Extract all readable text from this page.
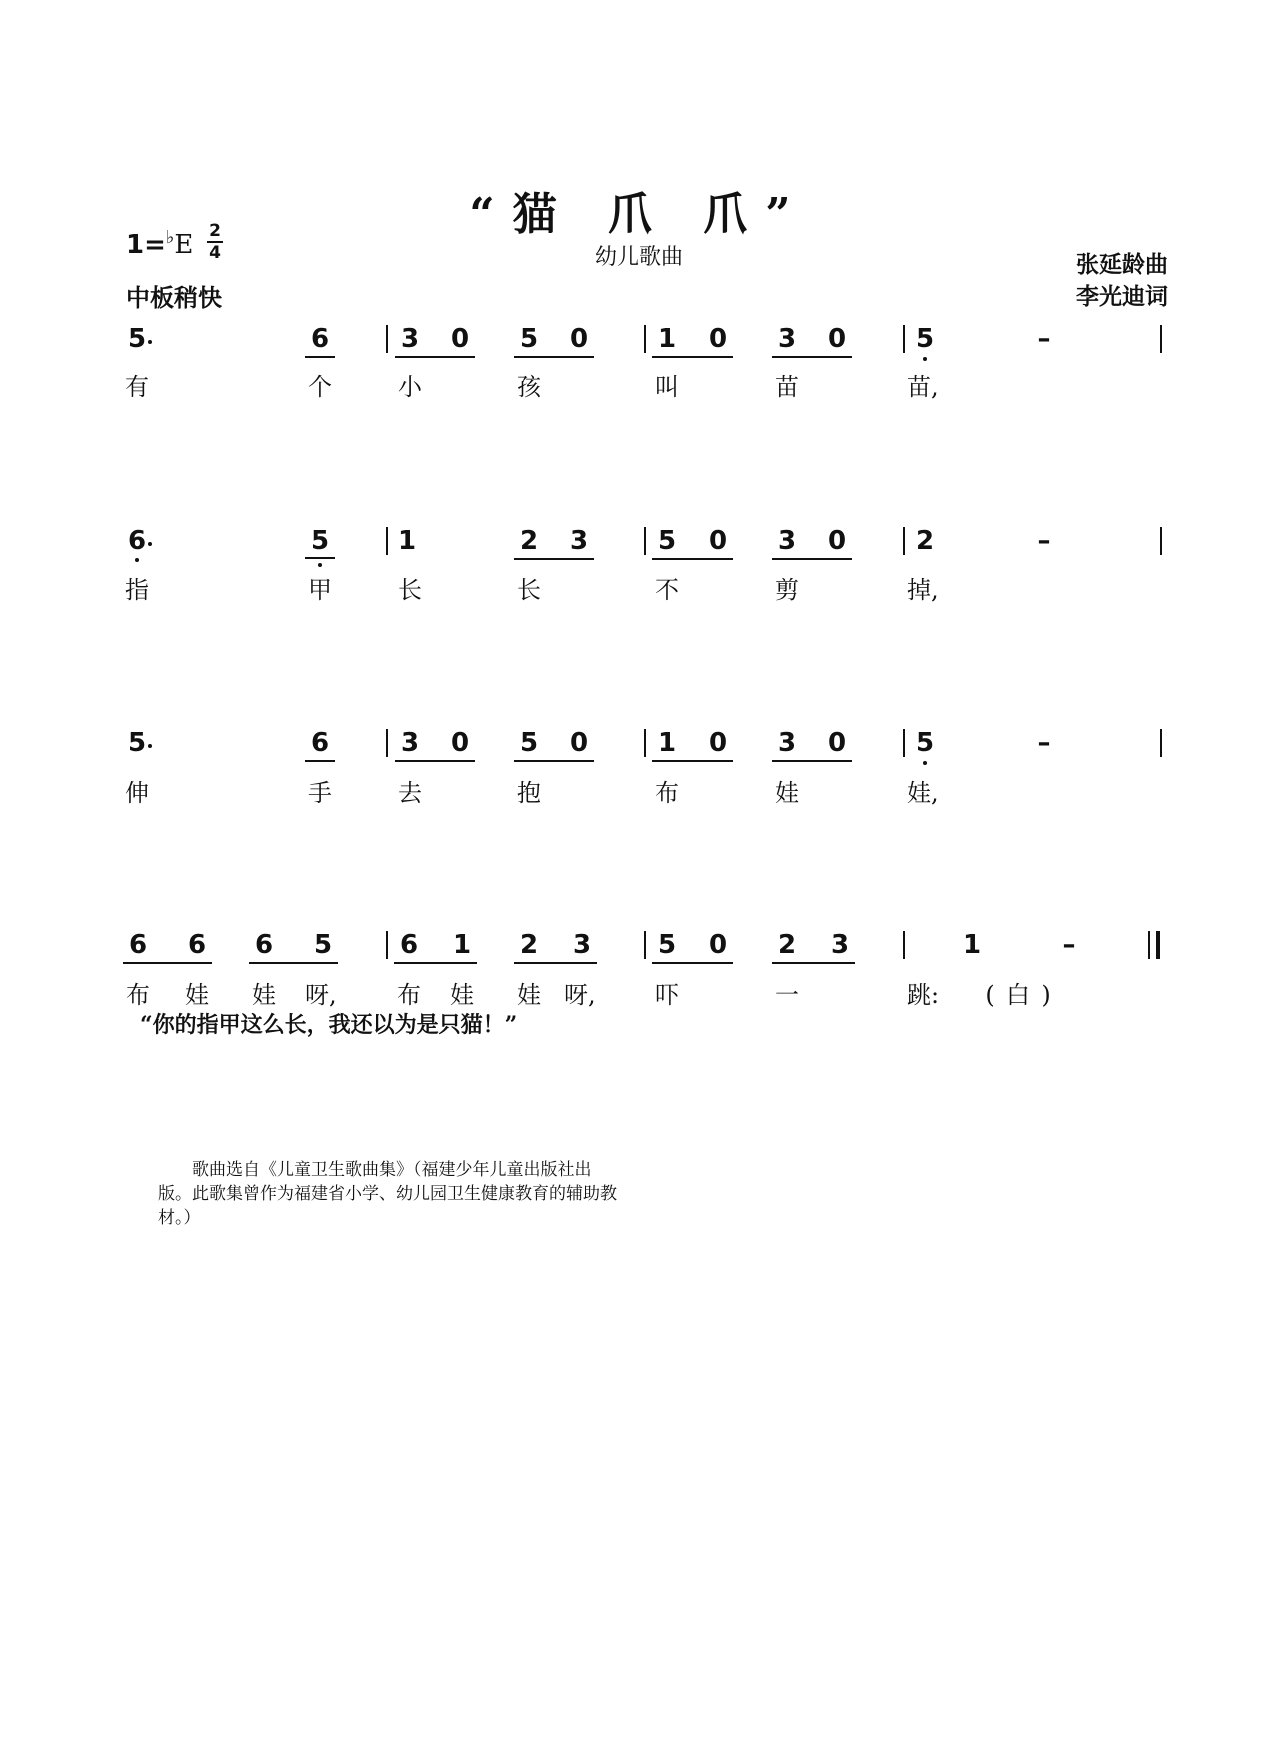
“猫 爪 爪”
幼儿歌曲
1=♭E 2
4
中板稍快
张延龄曲
李光迪词
5	6	3 0 5 0	1 0 3 0	5	–
有	个	小	孩	叫	苗	苗,
6	5	1	2 3	5 0 3 0	2	–
指	甲	长	长	不	剪	掉,
5	6	3 0 5 0	1 0 3 0	5	–
伸	手	去	抱	布	娃	娃,
6 6 6 5	6 1 2 3	5 0 2 3	1	–
布 娃 娃 呀,	布 娃 娃 呀,	吓	一	跳:	( 白 )
“你的指甲这么长，我还以为是只猫！”
歌曲选自《儿童卫生歌曲集》（福建少年儿童出版社出版。此歌集曾作为福建省小学、幼儿园卫生健康教育的辅助教材。）
